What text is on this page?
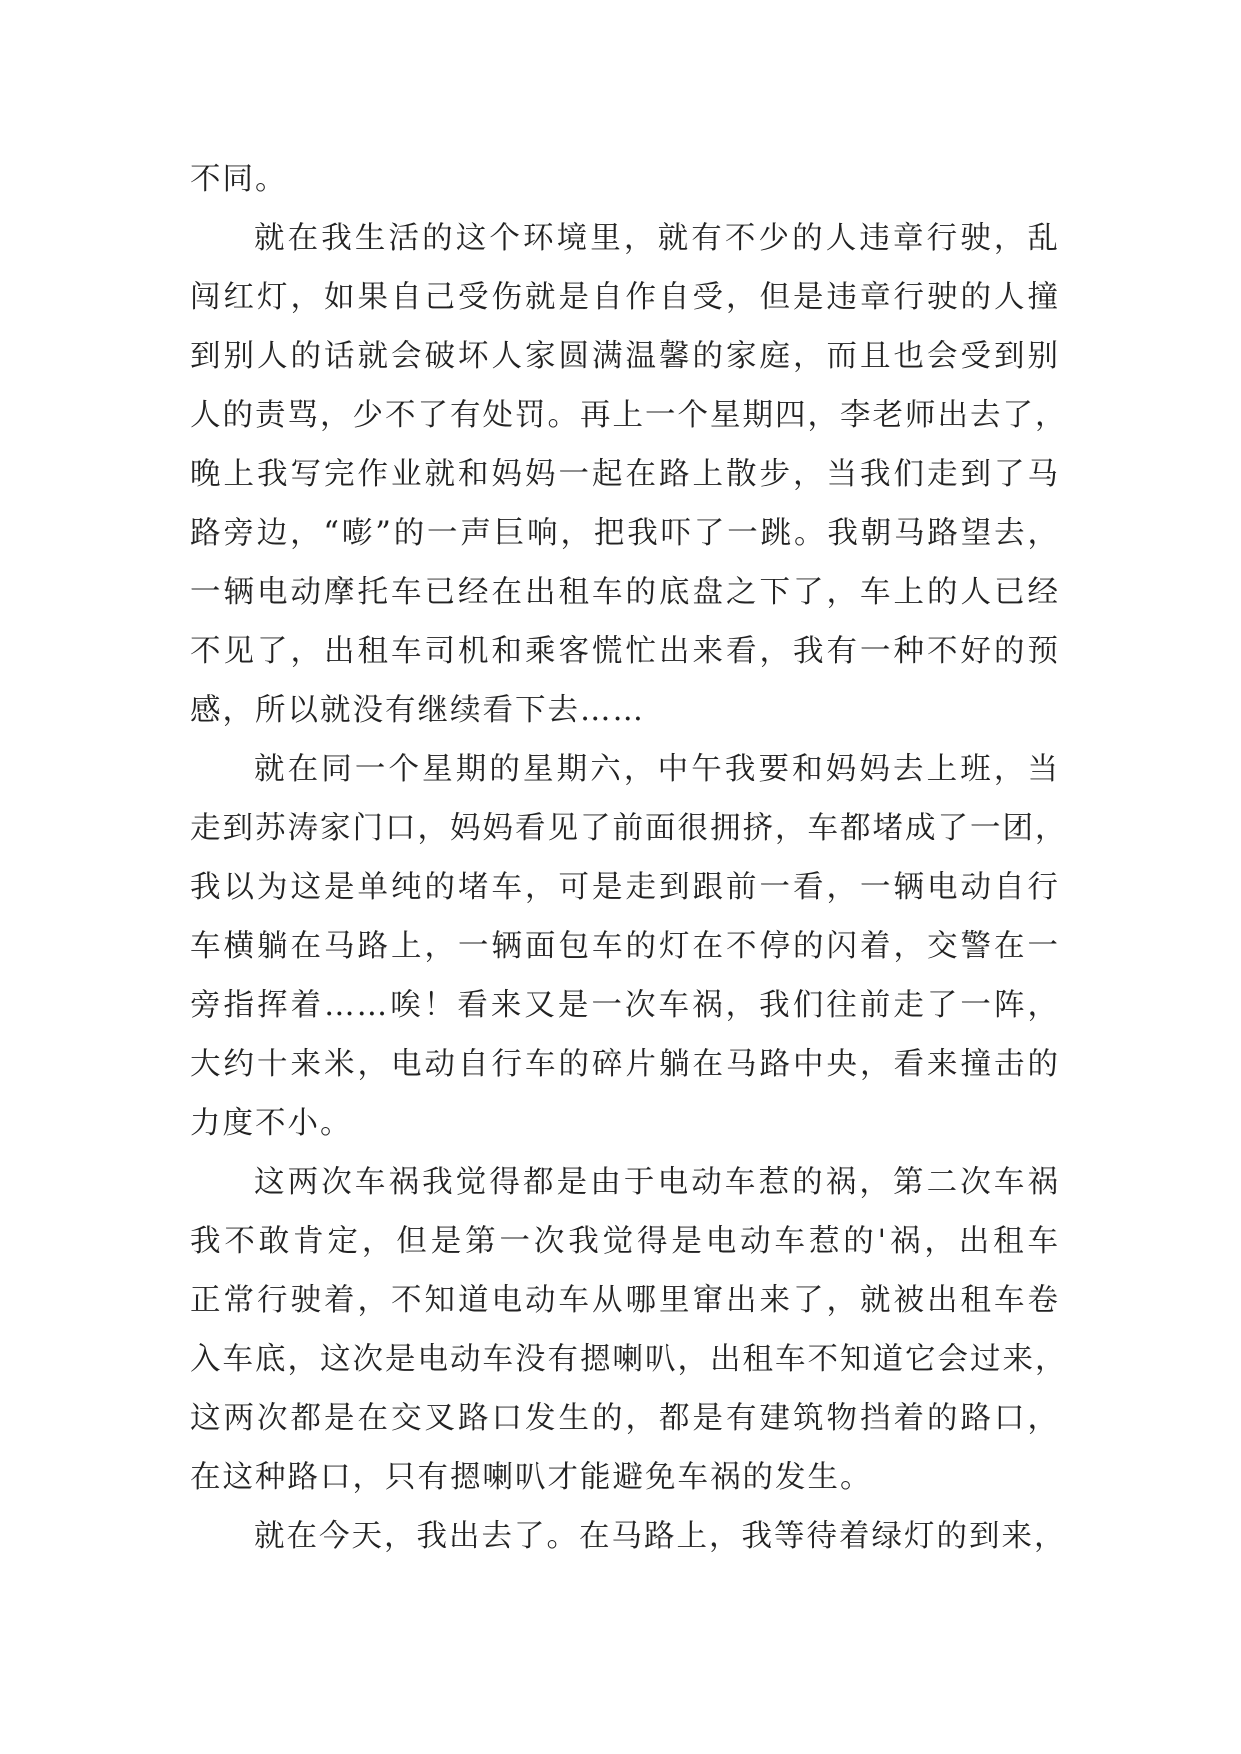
不同。
就在我生活的这个环境里，就有不少的人违章行驶，乱
闯红灯，如果自己受伤就是自作自受，但是违章行驶的人撞
到别人的话就会破坏人家圆满温馨的家庭，而且也会受到别
人的责骂，少不了有处罚。再上一个星期四，李老师出去了，
晚上我写完作业就和妈妈一起在路上散步，当我们走到了马
路旁边，“嘭”的一声巨响，把我吓了一跳。我朝马路望去，
一辆电动摩托车已经在出租车的底盘之下了，车上的人已经
不见了，出租车司机和乘客慌忙出来看，我有一种不好的预
感，所以就没有继续看下去……
就在同一个星期的星期六，中午我要和妈妈去上班，当
走到苏涛家门口，妈妈看见了前面很拥挤，车都堵成了一团，
我以为这是单纯的堵车，可是走到跟前一看，一辆电动自行
车横躺在马路上，一辆面包车的灯在不停的闪着，交警在一
旁指挥着……唉！看来又是一次车祸，我们往前走了一阵，
大约十来米，电动自行车的碎片躺在马路中央，看来撞击的
力度不小。
这两次车祸我觉得都是由于电动车惹的祸，第二次车祸
我不敢肯定，但是第一次我觉得是电动车惹的'祸，出租车
正常行驶着，不知道电动车从哪里窜出来了，就被出租车卷
入车底，这次是电动车没有摁喇叭，出租车不知道它会过来，
这两次都是在交叉路口发生的，都是有建筑物挡着的路口，
在这种路口，只有摁喇叭才能避免车祸的发生。
就在今天，我出去了。在马路上，我等待着绿灯的到来，
